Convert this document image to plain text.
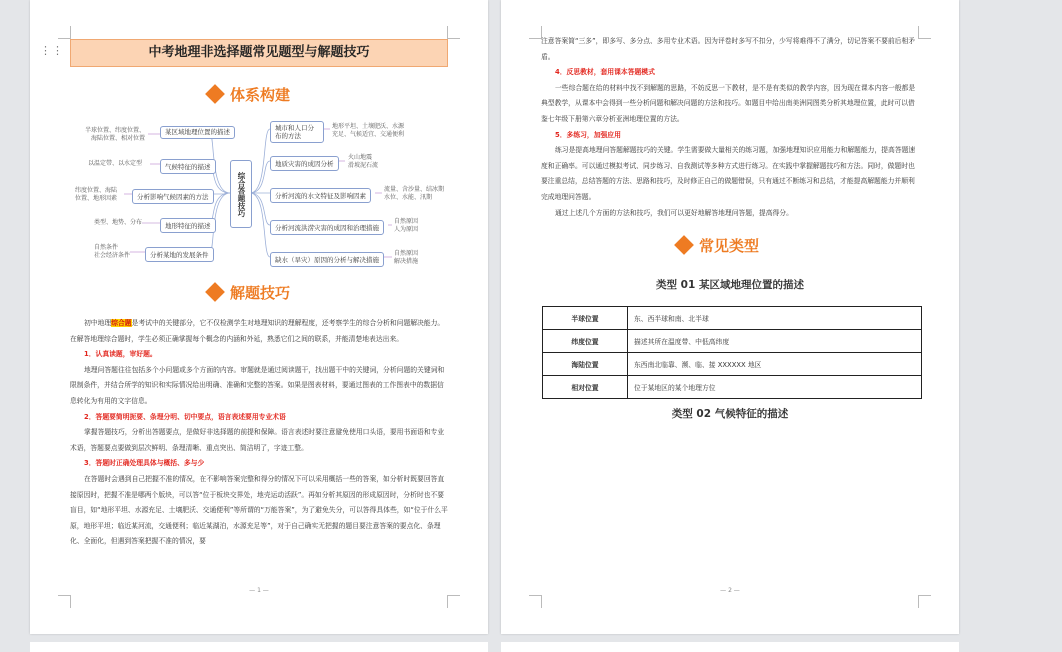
⋮⋮	中考地理非选择题常见题型与解题技巧
体系构建
综合答题技巧
某区域地理位置的描述
半球位置、纬度位置、
海陆位置、相对位置
气候特征的描述
以温定带、以水定型
分析影响气候因素的方法
纬度位置、海陆
位置、地形因素
地形特征的描述
类型、地势、分布
分析某地的发展条件
自然条件
社会经济条件
城市和人口分布的方法
地形平坦、土壤肥沃、水源
充足、气候适宜、交通便利
地质灾害的成因分析
火山地震
滑坡泥石流
分析河流的水文特征及影响因素
流量、含沙量、结冰期
水位、水能、汛期
分析河流洪涝灾害的成因和治理措施
自然原因
人为原因
缺水（旱灾）原因的分析与解决措施
自然原因
解决措施
解题技巧

初中地理综合题是考试中的关键部分，它不仅检测学生对地理知识的理解程度，还考察学生的综合分析和问题解决能力。在解答地理综合题时，学生必须正确掌握每个概念的内涵和外延，熟悉它们之间的联系，并能清楚地表达出来。

1．认真读题，审好题。

地理问答题往往包括多个小问题或多个方面的内容。审题就是通过阅读题干，找出题干中的关键词，分析问题的关键词和限制条件，并结合所学的知识和实际情况给出明确、准确和完整的答案。如果是图表材料，要通过图表的工作图表中的数据信息转化为有用的文字信息。

2．答题要简明扼要、条理分明、切中要点，语言表述要用专业术语

掌握答题技巧，分析出答题要点，是做好非选择题的前提和保障。语言表述时要注意避免使用口头语，要用书面语和专业术语，答题要点要做到层次鲜明、条理清晰、重点突出、简洁明了，字迹工整。

3．答题时正确处理具体与概括、多与少

在答题时会遇到自己把握不准的情况，在不影响答案完整和得分的情况下可以采用概括一些的答案，如分析时既要回答直接原因时，把握不准是哪两个版块，可以答“位于板块交界处，地壳运动活跃”。再如分析其原因的形成原因时，分析时也不要盲目，如“地形平坦、水源充足、土壤肥沃、交通便利”等所谓的“万能答案”，为了避免失分，可以答得具体些，如“位于什么平原，地形平坦；临近某河流，交通便利；临近某湖泊，水源充足等”，对于自己确实无把握的题目要注意答案的要点化、条理化、全面化，但遇到答案把握不准的情况，要

— 1 —

注意答案简“三多”，即多写、多分点、多用专业术语。因为评卷时多写不扣分，少写将难得不了满分，切记答案不要前后相矛盾。

4．反思教材，套用课本答题模式

一些综合题在给的材料中找不到解题的思路，不妨反思一下教材，是不是有类似的教学内容，因为现在课本内容一般都是典型教学，从课本中会得到一些分析问题和解决问题的方法和技巧。如题目中给出南美洲同图类分析其地理位置，此时可以借鉴七年级下册第六章分析亚洲地理位置的方法。

5．多练习，加强应用

练习是提高地理问答题解题技巧的关键。学生需要做大量相关的练习题，加强地理知识应用能力和解题能力，提高答题速度和正确率。可以通过模拟考试、同步练习、自我测试等多种方式进行练习。在实践中掌握解题技巧和方法。同时，做题时也要注重总结，总结答题的方法、思路和技巧，及时修正自己的做题错误，只有通过不断练习和总结，才能提高解题能力并顺利完成地理问答题。

通过上述几个方面的方法和技巧，我们可以更好地解答地理问答题，提高得分。

常见类型
类型 01 某区域地理位置的描述
半球位置	东、西半球和南、北半球
纬度位置	描述其所在温度带、中低高纬度
海陆位置	东西南北临靠、濒、临、接 XXXXXX 地区
相对位置	位于某地区的某个地理方位
类型 02 气候特征的描述
— 2 —
